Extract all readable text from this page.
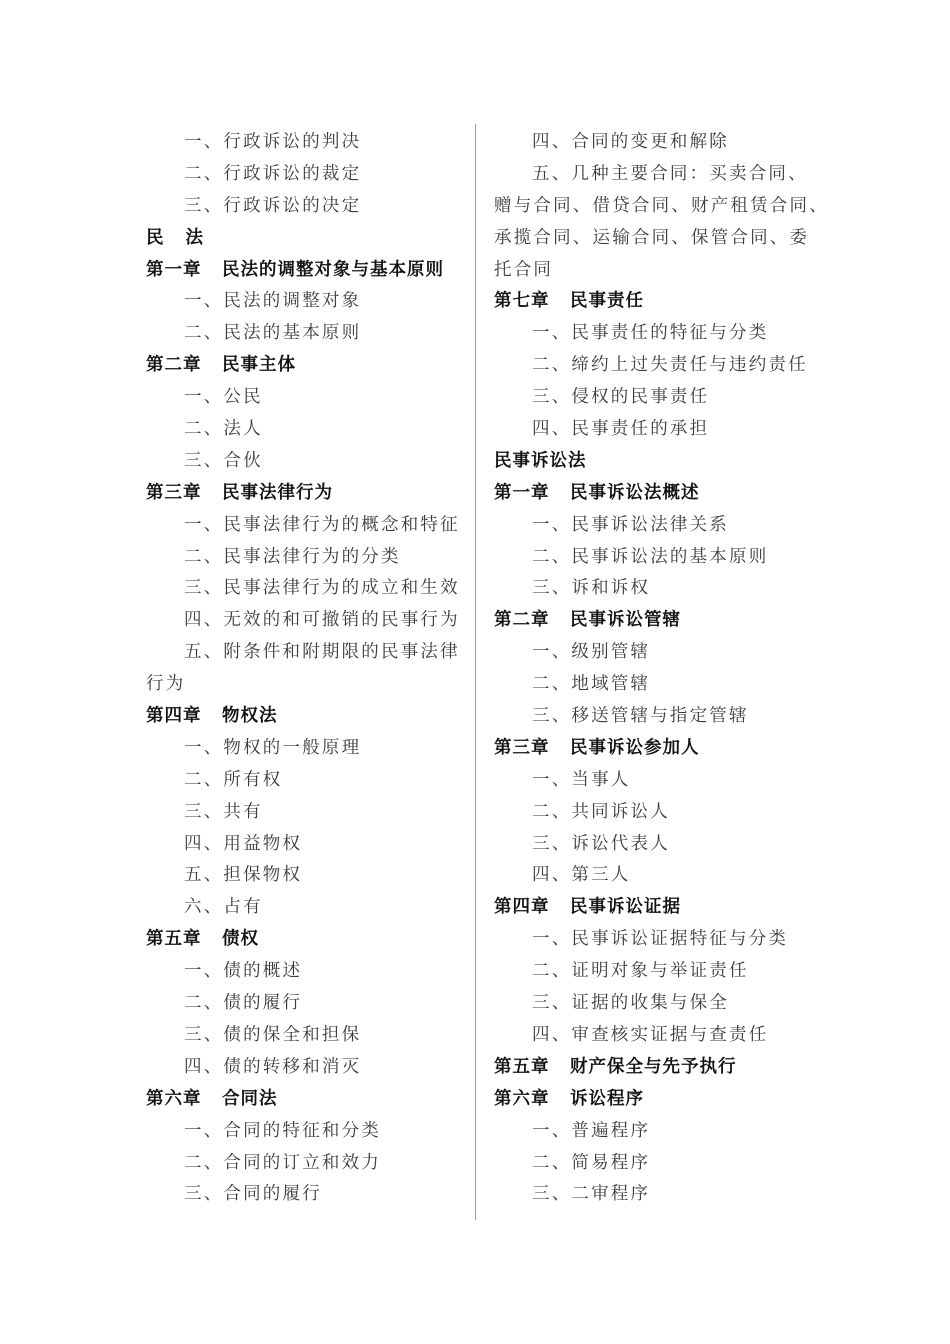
一、行政诉讼的判决
二、行政诉讼的裁定
三、行政诉讼的决定
民法
第一章 民法的调整对象与基本原则
一、民法的调整对象
二、民法的基本原则
第二章 民事主体
一、公民
二、法人
三、合伙
第三章 民事法律行为
一、民事法律行为的概念和特征
二、民事法律行为的分类
三、民事法律行为的成立和生效
四、无效的和可撤销的民事行为
五、附条件和附期限的民事法律
行为
第四章 物权法
一、物权的一般原理
二、所有权
三、共有
四、用益物权
五、担保物权
六、占有
第五章 债权
一、债的概述
二、债的履行
三、债的保全和担保
四、债的转移和消灭
第六章 合同法
一、合同的特征和分类
二、合同的订立和效力
三、合同的履行
四、合同的变更和解除
五、几种主要合同：买卖合同、
赠与合同、借贷合同、财产租赁合同、
承揽合同、运输合同、保管合同、委
托合同
第七章 民事责任
一、民事责任的特征与分类
二、缔约上过失责任与违约责任
三、侵权的民事责任
四、民事责任的承担
民事诉讼法
第一章 民事诉讼法概述
一、民事诉讼法律关系
二、民事诉讼法的基本原则
三、诉和诉权
第二章 民事诉讼管辖
一、级别管辖
二、地域管辖
三、移送管辖与指定管辖
第三章 民事诉讼参加人
一、当事人
二、共同诉讼人
三、诉讼代表人
四、第三人
第四章 民事诉讼证据
一、民事诉讼证据特征与分类
二、证明对象与举证责任
三、证据的收集与保全
四、审查核实证据与查责任
第五章 财产保全与先予执行
第六章 诉讼程序
一、普遍程序
二、简易程序
三、二审程序
